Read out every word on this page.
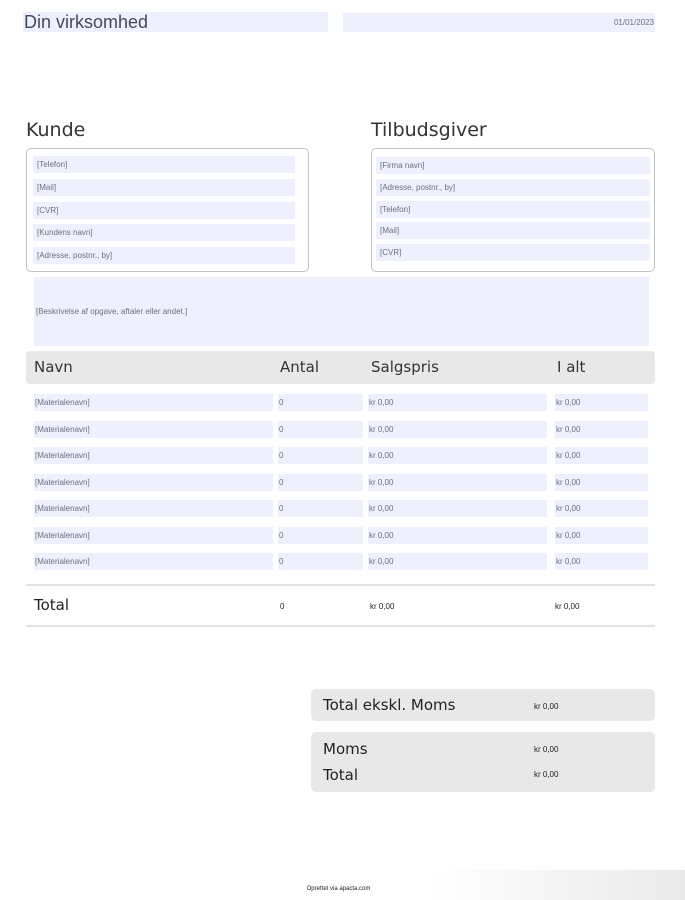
Din virksomhed	01/01/2023
Kunde
[Telefon]
[Mail]
[CVR]
[Kundens navn]
[Adresse, postnr., by]
Tilbudsgiver
[Firma navn]
[Adresse, postnr., by]
[Telefon]
[Mail]
[CVR]
[Beskrivelse af opgave, aftaler eller andet.]
Navn	Antal	Salgspris	I alt
[Materialenavn]	0	kr 0,00	kr 0,00
[Materialenavn]	0	kr 0,00	kr 0,00
[Materialenavn]	0	kr 0,00	kr 0,00
[Materialenavn]	0	kr 0,00	kr 0,00
[Materialenavn]	0	kr 0,00	kr 0,00
[Materialenavn]	0	kr 0,00	kr 0,00
[Materialenavn]	0	kr 0,00	kr 0,00
Total	0	kr 0,00	kr 0,00
Total ekskl. Moms	kr 0,00
Moms	kr 0,00
Total	kr 0,00
Oprettet via apacta.com
